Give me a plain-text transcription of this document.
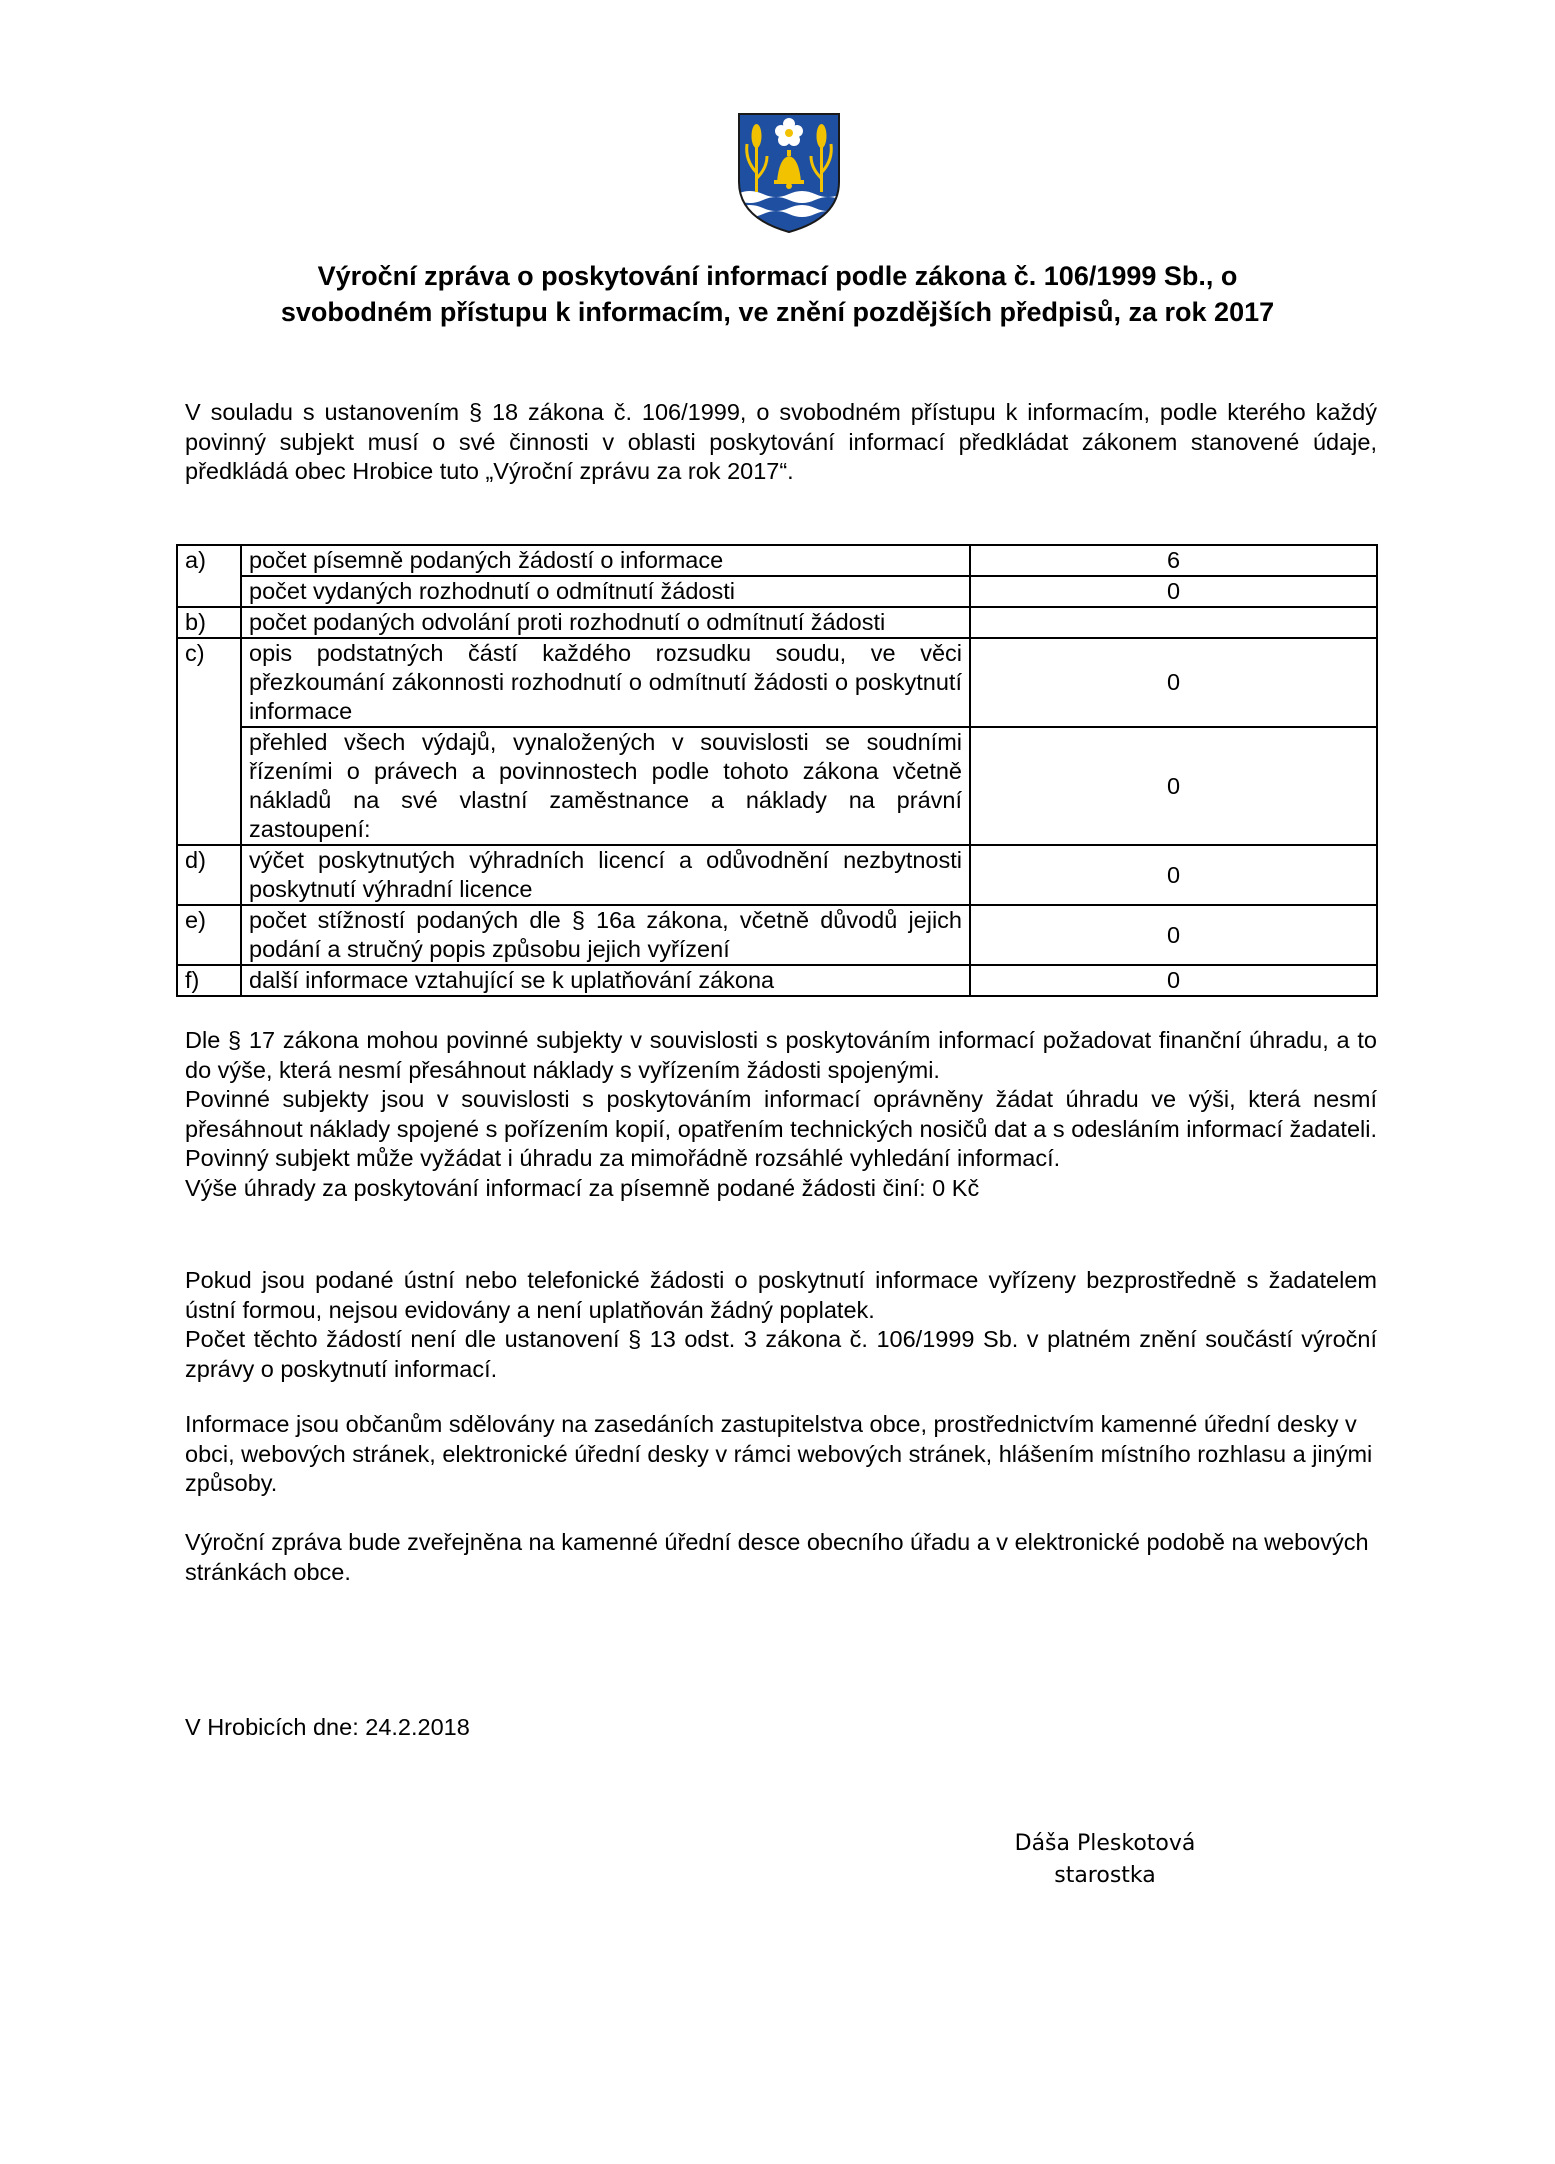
Výroční zpráva o poskytování informací podle zákona č. 106/1999 Sb., o
svobodném přístupu k informacím, ve znění pozdějších předpisů, za rok 2017

V souladu s ustanovením § 18 zákona č. 106/1999, o svobodném přístupu k informacím, podle kterého každý povinný subjekt musí o své činnosti v oblasti poskytování informací předkládat zákonem stanovené údaje, předkládá obec Hrobice tuto „Výroční zprávu za rok 2017“.

a)	počet písemně podaných žádostí o informace	6
	počet vydaných rozhodnutí o odmítnutí žádosti	0
b)	počet podaných odvolání proti rozhodnutí o odmítnutí žádosti	
c)	opis podstatných částí každého rozsudku soudu, ve věci přezkoumání zákonnosti rozhodnutí o odmítnutí žádosti o poskytnutí informace	0
	přehled všech výdajů, vynaložených v souvislosti se soudními řízeními o právech a povinnostech podle tohoto zákona včetně nákladů na své vlastní zaměstnance a náklady na právní zastoupení:	0
d)	výčet poskytnutých výhradních licencí a odůvodnění nezbytnosti poskytnutí výhradní licence	0
e)	počet stížností podaných dle § 16a zákona, včetně důvodů jejich podání a stručný popis způsobu jejich vyřízení	0
f)	další informace vztahující se k uplatňování zákona	0
Dle § 17 zákona mohou povinné subjekty v souvislosti s poskytováním informací požadovat finanční úhradu, a to do výše, která nesmí přesáhnout náklady s vyřízením žádosti spojenými.
Povinné subjekty jsou v souvislosti s poskytováním informací oprávněny žádat úhradu ve výši, která nesmí přesáhnout náklady spojené s pořízením kopií, opatřením technických nosičů dat a s odesláním informací žadateli. Povinný subjekt může vyžádat i úhradu za mimořádně rozsáhlé vyhledání informací.
Výše úhrady za poskytování informací za písemně podané žádosti činí: 0 Kč
Pokud jsou podané ústní nebo telefonické žádosti o poskytnutí informace vyřízeny bezprostředně s žadatelem ústní formou, nejsou evidovány a není uplatňován žádný poplatek.
Počet těchto žádostí není dle ustanovení § 13 odst. 3 zákona č. 106/1999 Sb. v platném znění součástí výroční zprávy o poskytnutí informací.

Informace jsou občanům sdělovány na zasedáních zastupitelstva obce, prostřednictvím kamenné úřední desky v obci, webových stránek, elektronické úřední desky v rámci webových stránek, hlášením místního rozhlasu a jinými způsoby.

Výroční zpráva bude zveřejněna na kamenné úřední desce obecního úřadu a v elektronické podobě na webových stránkách obce.

V Hrobicích dne: 24.2.2018

Dáša Pleskotová
starostka
